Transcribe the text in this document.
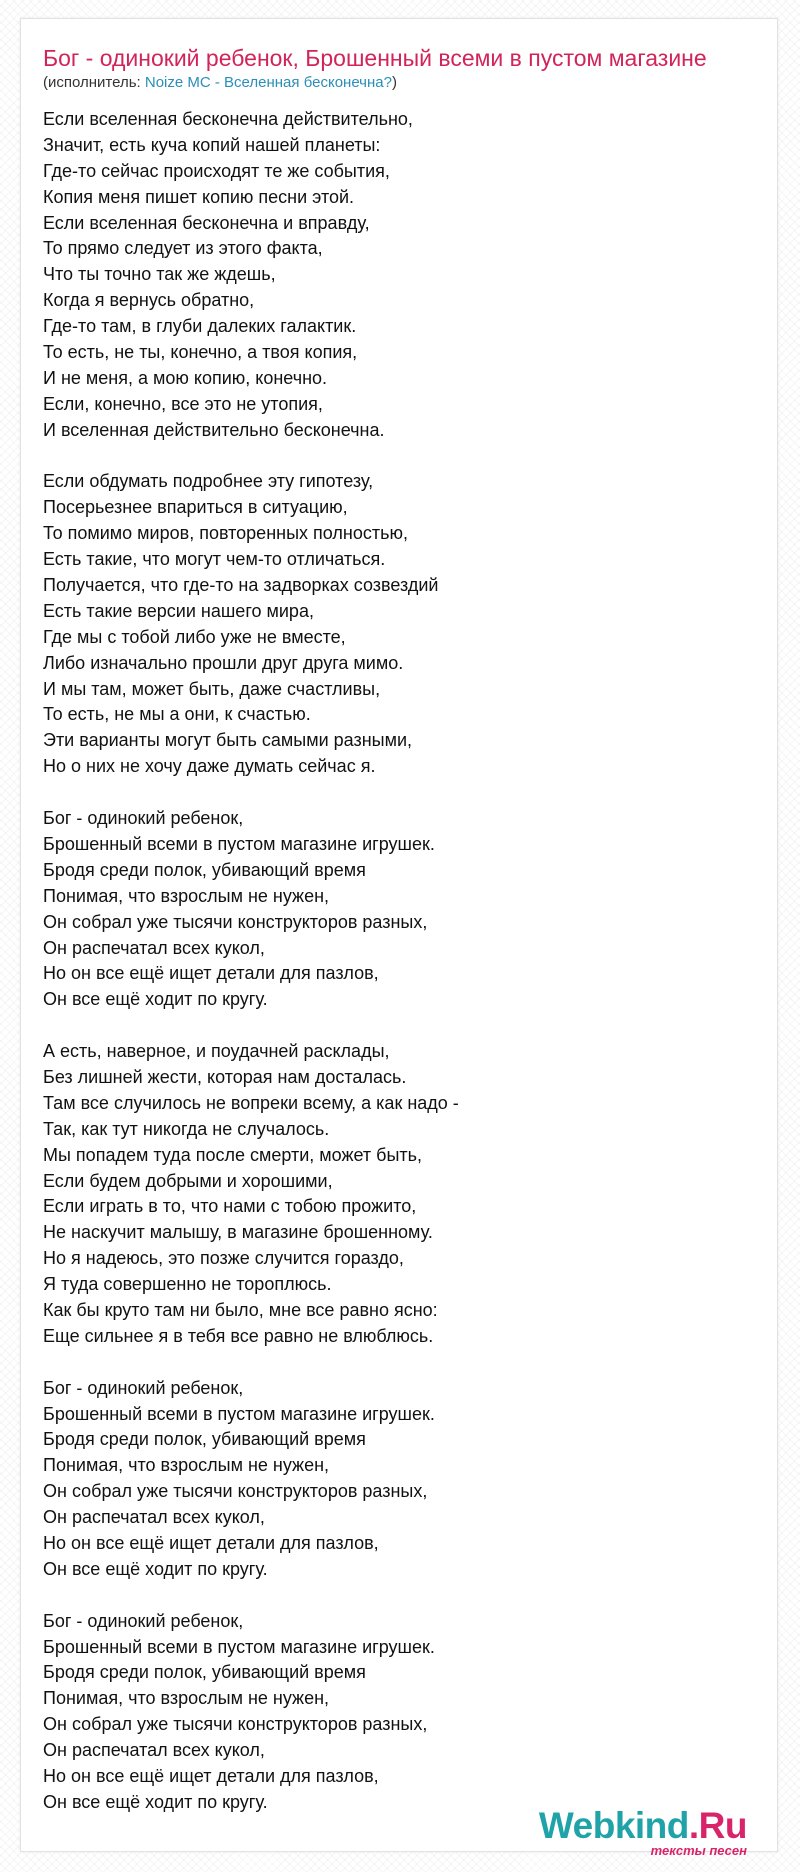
Бог - одинокий ребенок, Брошенный всеми в пустом магазине

(исполнитель: Noize MC - Вселенная бесконечна?)

Если вселенная бесконечна действительно,
Значит, есть куча копий нашей планеты:
Где-то сейчас происходят те же события,
Копия меня пишет копию песни этой.
Если вселенная бесконечна и вправду,
То прямо следует из этого факта,
Что ты точно так же ждешь,
Когда я вернусь обратно,
Где-то там, в глуби далеких галактик.
То есть, не ты, конечно, а твоя копия,
И не меня, а мою копию, конечно.
Если, конечно, все это не утопия,
И вселенная действительно бесконечна.
Если обдумать подробнее эту гипотезу,
Посерьезнее впариться в ситуацию,
То помимо миров, повторенных полностью,
Есть такие, что могут чем-то отличаться.
Получается, что где-то на задворках созвездий
Есть такие версии нашего мира,
Где мы с тобой либо уже не вместе,
Либо изначально прошли друг друга мимо.
И мы там, может быть, даже счастливы,
То есть, не мы а они, к счастью.
Эти варианты могут быть самыми разными,
Но о них не хочу даже думать сейчас я.
Бог - одинокий ребенок,
Брошенный всеми в пустом магазине игрушек.
Бродя среди полок, убивающий время
Понимая, что взрослым не нужен,
Он собрал уже тысячи конструкторов разных,
Он распечатал всех кукол,
Но он все ещё ищет детали для пазлов,
Он все ещё ходит по кругу.
А есть, наверное, и поудачней расклады,
Без лишней жести, которая нам досталась.
Там все случилось не вопреки всему, а как надо -
Так, как тут никогда не случалось.
Мы попадем туда после смерти, может быть,
Если будем добрыми и хорошими,
Если играть в то, что нами с тобою прожито,
Не наскучит малышу, в магазине брошенному.
Но я надеюсь, это позже случится гораздо,
Я туда совершенно не тороплюсь.
Как бы круто там ни было, мне все равно ясно:
Еще сильнее я в тебя все равно не влюблюсь.
Бог - одинокий ребенок,
Брошенный всеми в пустом магазине игрушек.
Бродя среди полок, убивающий время
Понимая, что взрослым не нужен,
Он собрал уже тысячи конструкторов разных,
Он распечатал всех кукол,
Но он все ещё ищет детали для пазлов,
Он все ещё ходит по кругу.
Бог - одинокий ребенок,
Брошенный всеми в пустом магазине игрушек.
Бродя среди полок, убивающий время
Понимая, что взрослым не нужен,
Он собрал уже тысячи конструкторов разных,
Он распечатал всех кукол,
Но он все ещё ищет детали для пазлов,
Он все ещё ходит по кругу.
Webkind.Ru
тексты песен
